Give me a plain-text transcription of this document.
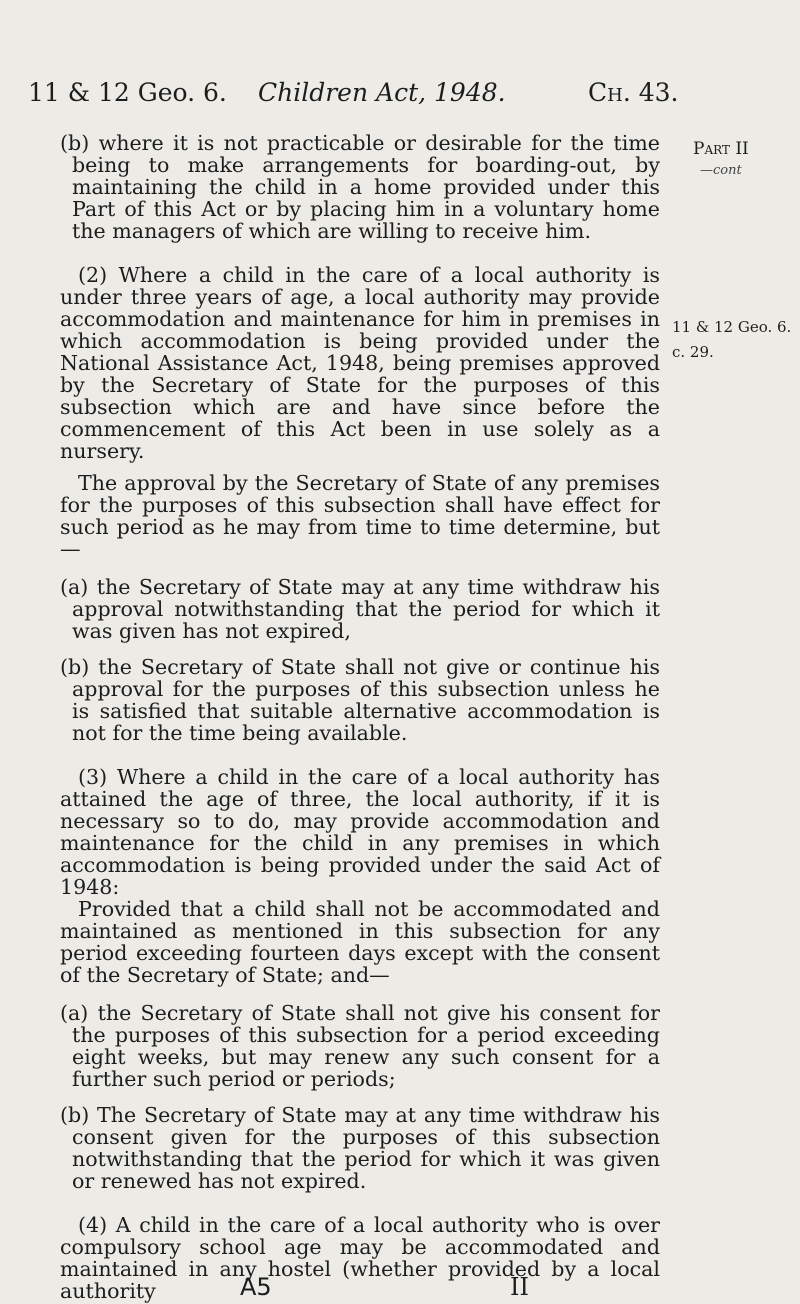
11 & 12 Geo. 6. Children Act, 1948.	Ch. 43.
Part II
—cont
11 & 12 Geo. 6.
c. 29.

(b) where it is not practicable or desirable for the time being to make arrangements for boarding-out, by maintaining the child in a home provided under this Part of this Act or by placing him in a voluntary home the managers of which are willing to receive him.

(2) Where a child in the care of a local authority is under three years of age, a local authority may provide accommodation and maintenance for him in premises in which accommodation is being provided under the National Assistance Act, 1948, being premises approved by the Secretary of State for the purposes of this subsection which are and have since before the commencement of this Act been in use solely as a nursery.

The approval by the Secretary of State of any premises for the purposes of this subsection shall have effect for such period as he may from time to time determine, but—

(a) the Secretary of State may at any time withdraw his approval notwithstanding that the period for which it was given has not expired,

(b) the Secretary of State shall not give or continue his approval for the purposes of this subsection unless he is satisfied that suitable alternative accommodation is not for the time being available.

(3) Where a child in the care of a local authority has attained the age of three, the local authority, if it is necessary so to do, may provide accommodation and maintenance for the child in any premises in which accommodation is being provided under the said Act of 1948:

Provided that a child shall not be accommodated and maintained as mentioned in this subsection for any period exceeding fourteen days except with the consent of the Secretary of State; and—

(a) the Secretary of State shall not give his consent for the purposes of this subsection for a period exceeding eight weeks, but may renew any such consent for a further such period or periods;

(b) The Secretary of State may at any time withdraw his consent given for the purposes of this subsection notwithstanding that the period for which it was given or renewed has not expired.

(4) A child in the care of a local authority who is over compulsory school age may be accommodated and maintained in any hostel (whether provided by a local authority	A5	II
